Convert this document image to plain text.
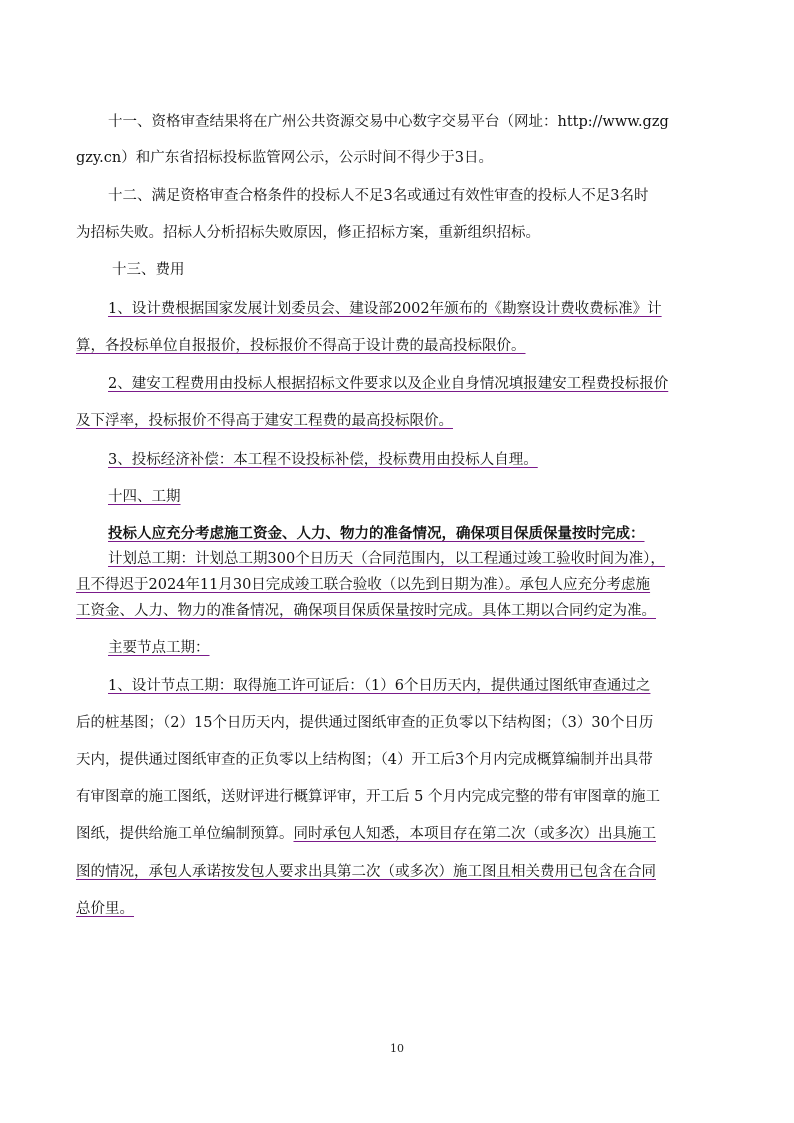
十一、资格审查结果将在广州公共资源交易中心数字交易平台（网址：http://www.gzg
gzy.cn）和广东省招标投标监管网公示，公示时间不得少于3日。
十二、满足资格审查合格条件的投标人不足3名或通过有效性审查的投标人不足3名时
为招标失败。招标人分析招标失败原因，修正招标方案，重新组织招标。
十三、费用
1、设计费根据国家发展计划委员会、建设部2002年颁布的《勘察设计费收费标准》计
算，各投标单位自报报价，投标报价不得高于设计费的最高投标限价。
2、建安工程费用由投标人根据招标文件要求以及企业自身情况填报建安工程费投标报价
及下浮率，投标报价不得高于建安工程费的最高投标限价。
3、投标经济补偿：本工程不设投标补偿，投标费用由投标人自理。
十四、工期
投标人应充分考虑施工资金、人力、物力的准备情况，确保项目保质保量按时完成：
计划总工期：计划总工期300个日历天（合同范围内，以工程通过竣工验收时间为准），
且不得迟于2024年11月30日完成竣工联合验收（以先到日期为准）。承包人应充分考虑施
工资金、人力、物力的准备情况，确保项目保质保量按时完成。具体工期以合同约定为准。
主要节点工期：
1、设计节点工期：取得施工许可证后：（1）6个日历天内，提供通过图纸审查通过之
后的桩基图；（2）15个日历天内，提供通过图纸审查的正负零以下结构图；（3）30个日历
天内，提供通过图纸审查的正负零以上结构图；（4）开工后3个月内完成概算编制并出具带
有审图章的施工图纸，送财评进行概算评审，开工后 5 个月内完成完整的带有审图章的施工
图纸，提供给施工单位编制预算。同时承包人知悉，本项目存在第二次（或多次）出具施工
图的情况，承包人承诺按发包人要求出具第二次（或多次）施工图且相关费用已包含在合同
总价里。
10
